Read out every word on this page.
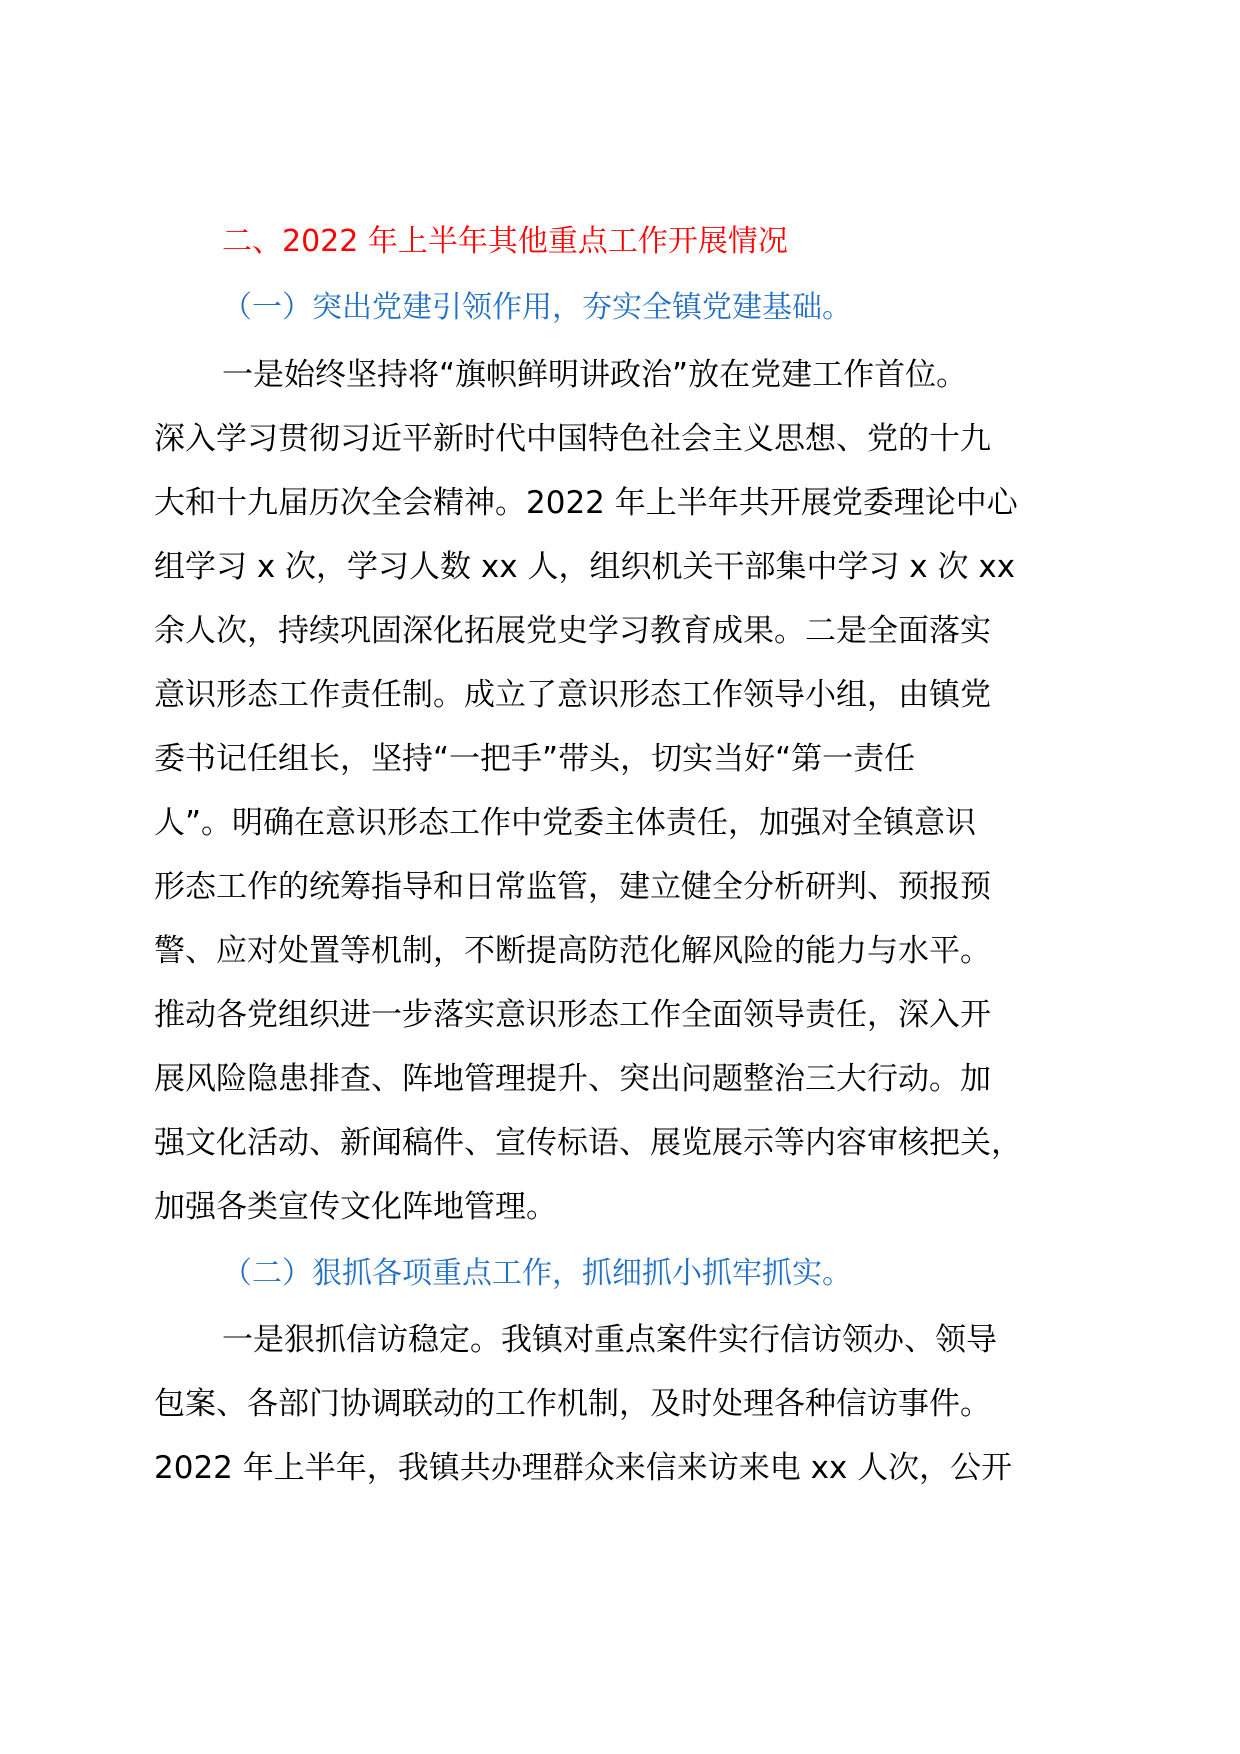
二、2022 年上半年其他重点工作开展情况
（一）突出党建引领作用，夯实全镇党建基础。
一是始终坚持将“旗帜鲜明讲政治”放在党建工作首位。
深入学习贯彻习近平新时代中国特色社会主义思想、党的十九
大和十九届历次全会精神。2022 年上半年共开展党委理论中心
组学习 x 次，学习人数 xx 人，组织机关干部集中学习 x 次 xx
余人次，持续巩固深化拓展党史学习教育成果。二是全面落实
意识形态工作责任制。成立了意识形态工作领导小组，由镇党
委书记任组长，坚持“一把手”带头，切实当好“第一责任
人”。明确在意识形态工作中党委主体责任，加强对全镇意识
形态工作的统筹指导和日常监管，建立健全分析研判、预报预
警、应对处置等机制，不断提高防范化解风险的能力与水平。
推动各党组织进一步落实意识形态工作全面领导责任，深入开
展风险隐患排查、阵地管理提升、突出问题整治三大行动。加
强文化活动、新闻稿件、宣传标语、展览展示等内容审核把关，
加强各类宣传文化阵地管理。
（二）狠抓各项重点工作，抓细抓小抓牢抓实。
一是狠抓信访稳定。我镇对重点案件实行信访领办、领导
包案、各部门协调联动的工作机制，及时处理各种信访事件。
2022 年上半年，我镇共办理群众来信来访来电 xx 人次，公开
